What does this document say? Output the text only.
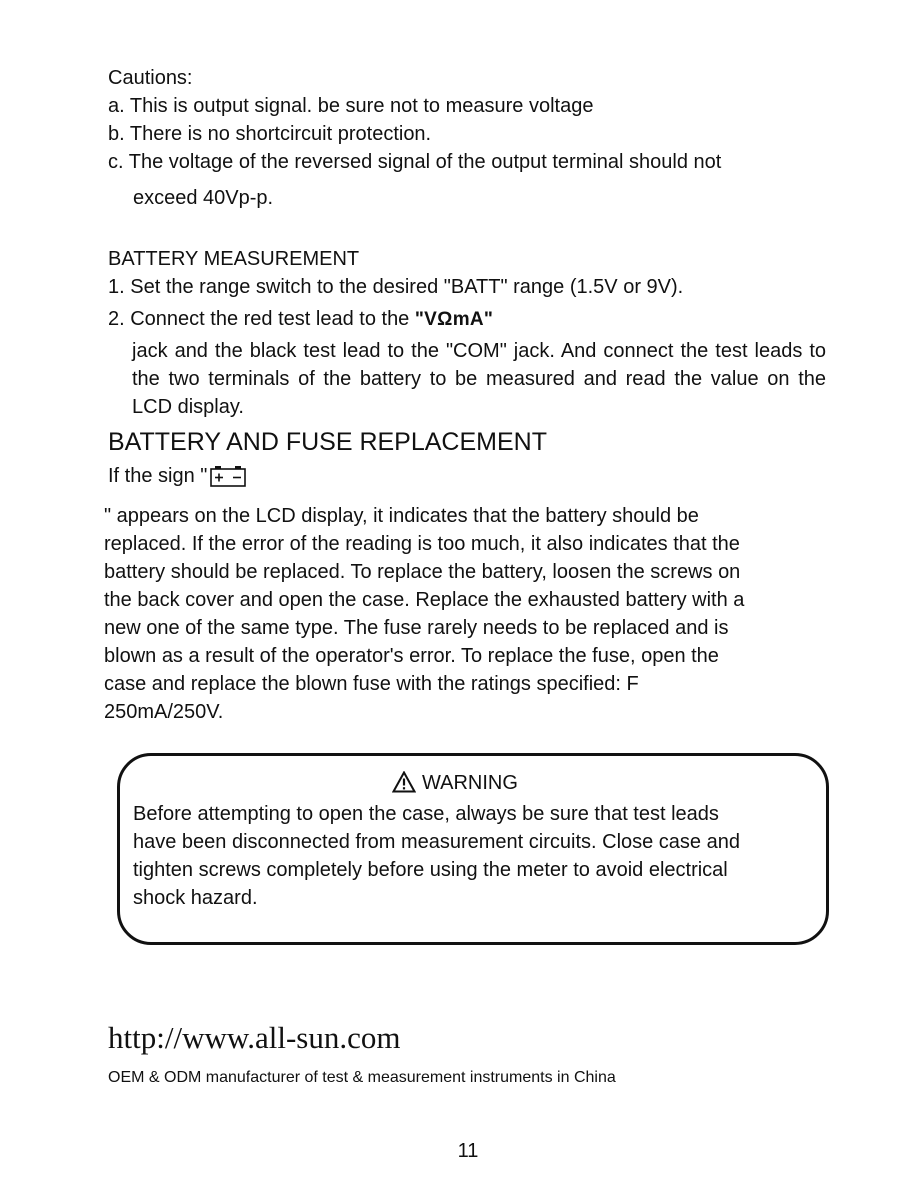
Cautions:
a. This is output signal. be sure not to measure voltage
b. There is no shortcircuit protection.
c. The voltage of the reversed signal of the output terminal should not
exceed 40Vp-p.
BATTERY MEASUREMENT
1. Set the range switch to the desired "BATT" range (1.5V or 9V).
2. Connect the red test lead to the "VΩmA"
jack and the black test lead to the "COM" jack. And connect the test leads to the two terminals of the battery to be measured and read the value on the LCD display.
BATTERY AND FUSE REPLACEMENT
If the sign "
" appears on the LCD display, it indicates that the battery should be
replaced. If the error of the reading is too much, it also indicates that the
battery should be replaced. To replace the battery, loosen the screws on
the back cover and open the case. Replace the exhausted battery with a
new one of the same type. The fuse rarely needs to be replaced and is
blown as a result of the operator's error. To replace the fuse, open the
case and replace the blown fuse with the ratings specified: F
250mA/250V.
WARNING
Before attempting to open the case, always be sure that test leads
have been disconnected from measurement circuits. Close case and
tighten screws completely before using the meter to avoid electrical
shock hazard.
http://www.all-sun.com
OEM & ODM manufacturer of test & measurement instruments in China
11
